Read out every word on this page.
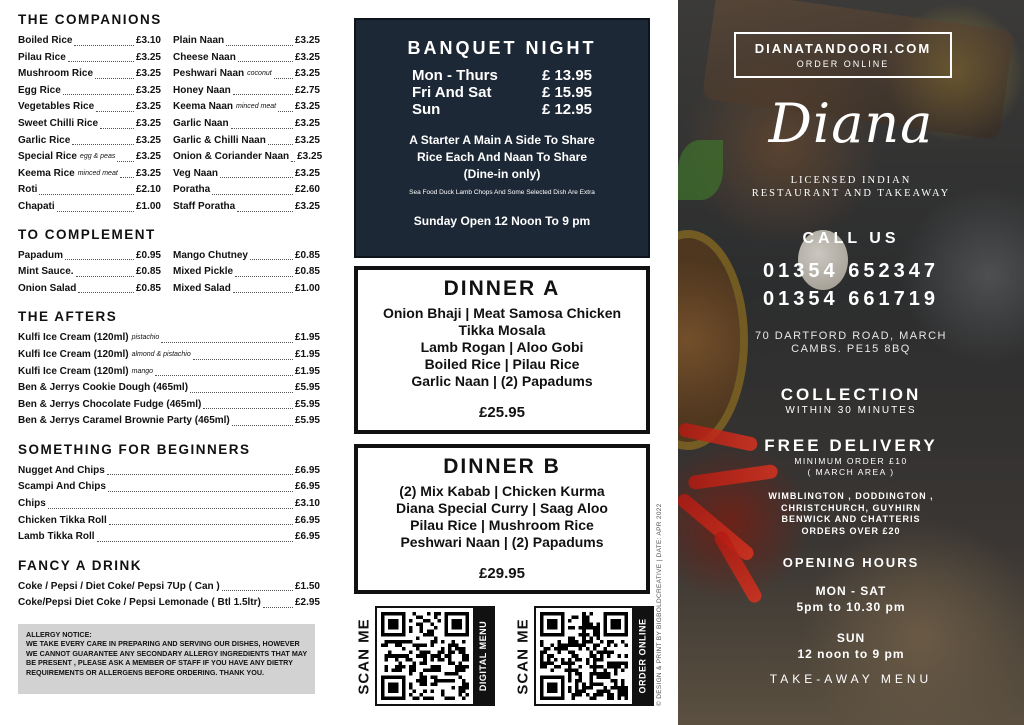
THE COMPANIONS
Boiled Rice	£3.10
Pilau Rice	£3.25
Mushroom Rice	£3.25
Egg Rice	£3.25
Vegetables Rice	£3.25
Sweet Chilli Rice	£3.25
Garlic Rice	£3.25
Special Rice egg & peas £3.25
Keema Rice minced meat £3.25
Roti	£2.10
Chapati	£1.00
Plain Naan	£3.25
Cheese Naan	£3.25
Peshwari Naan coconut £3.25
Honey Naan	£2.75
Keema Naan minced meat £3.25
Garlic Naan	£3.25
Garlic & Chilli Naan	£3.25
Onion & Coriander Naan £3.25
Veg Naan	£3.25
Poratha	£2.60
Staff Poratha	£3.25
TO COMPLEMENT
Papadum	£0.95
Mint Sauce.	£0.85
Onion Salad	£0.85
Mango Chutney	£0.85
Mixed Pickle	£0.85
Mixed Salad	£1.00
THE AFTERS
Kulfi Ice Cream (120ml) pistachio	£1.95
Kulfi Ice Cream (120ml) almond & pistachio	£1.95
Kulfi Ice Cream (120ml) mango	£1.95
Ben & Jerrys Cookie Dough (465ml)	£5.95
Ben & Jerrys Chocolate Fudge (465ml)	£5.95
Ben & Jerrys Caramel Brownie Party (465ml)	£5.95
SOMETHING FOR BEGINNERS
Nugget And Chips	£6.95
Scampi And Chips	£6.95
Chips	£3.10
Chicken Tikka Roll	£6.95
Lamb Tikka Roll	£6.95
FANCY A DRINK
Coke / Pepsi / Diet Coke/ Pepsi 7Up ( Can )	£1.50
Coke/Pepsi Diet Coke / Pepsi Lemonade ( Btl 1.5ltr)	£2.95
ALLERGY NOTICE:
WE TAKE EVERY CARE IN PREPARING AND SERVING OUR DISHES, HOWEVER WE CANNOT GUARANTEE ANY SECONDARY ALLERGY INGREDIENTS THAT MAY BE PRESENT , PLEASE ASK A MEMBER OF STAFF IF YOU HAVE ANY DIETRY REQUIREMENTS OR ALLERGENS BEFORE ORDERING. THANK YOU.
BANQUET NIGHT
Mon - Thurs	£ 13.95
Fri And Sat	£ 15.95
Sun	£ 12.95
A Starter A Main A Side To Share
Rice Each And Naan To Share
(Dine-in only)
Sea Food Duck Lamb Chops And Some Selected Dish Are Extra
Sunday Open 12 Noon To 9 pm
DINNER A
Onion Bhaji | Meat Samosa Chicken
Tikka Mosala
Lamb Rogan | Aloo Gobi
Boiled Rice | Pilau Rice
Garlic Naan | (2) Papadums
£25.95
DINNER B
(2) Mix Kabab | Chicken Kurma
Diana Special Curry | Saag Aloo
Pilau Rice | Mushroom Rice
Peshwari Naan | (2) Papadums
£29.95
SCAN ME	DIGITAL MENU SCAN ME	ORDER ONLINE © DESIGN & PRINT BY BIGBOLDCREATIVE | DATE: APR 2022
DIANATANDOORI.COM
ORDER ONLINE
Diana
LICENSED INDIAN
RESTAURANT AND TAKEAWAY
CALL US
01354 652347
01354 661719
70 DARTFORD ROAD, MARCH
CAMBS. PE15 8BQ
COLLECTION
WITHIN 30 MINUTES
FREE DELIVERY
MINIMUM ORDER £10
( MARCH AREA )
WIMBLINGTON , DODDINGTON ,
CHRISTCHURCH, GUYHIRN
BENWICK AND CHATTERIS
ORDERS OVER £20
OPENING HOURS
MON - SAT
5pm to 10.30 pm
SUN
12 noon to 9 pm
TAKE-AWAY MENU
